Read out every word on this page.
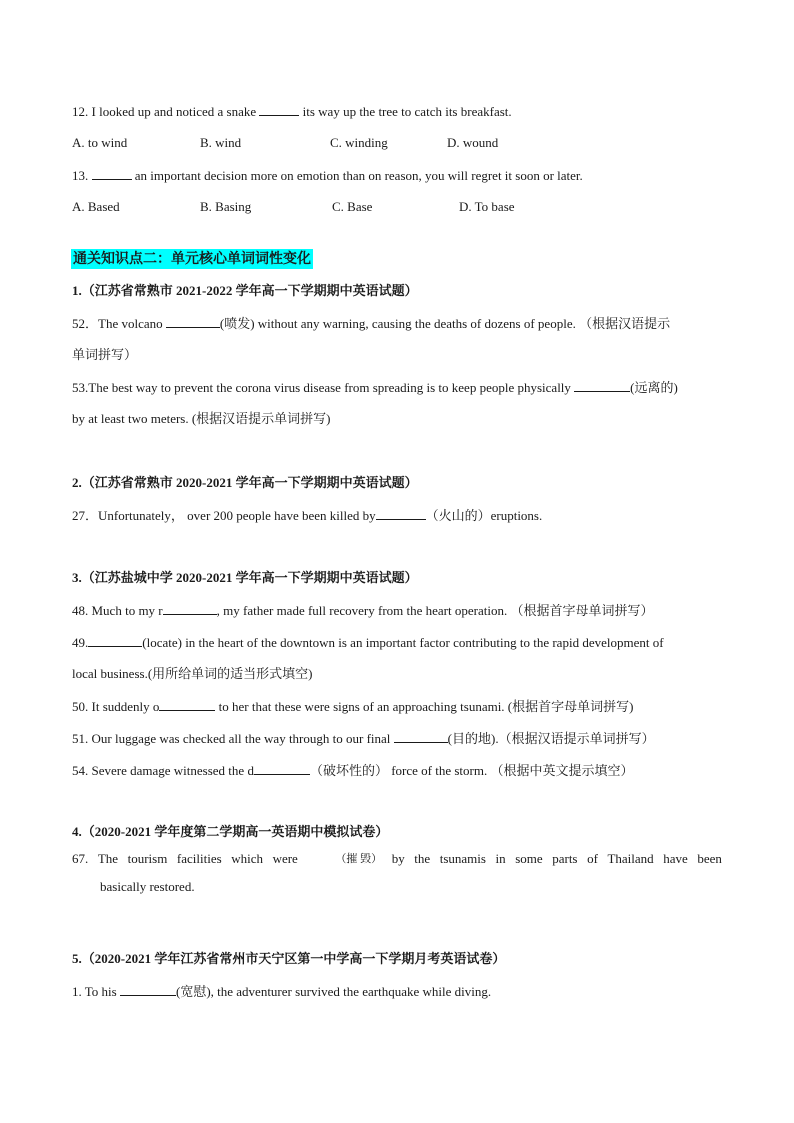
12. I looked up and noticed a snake	its way up the tree to catch its breakfast.
A. to wind	B. wind	C. winding	D. wound
13.	an important decision more on emotion than on reason, you will regret it soon or later.
A. Based	B. Basing	C. Base	D. To base
通关知识点二：单元核心单词词性变化
1.（江苏省常熟市 2021-2022 学年高一下学期期中英语试题）
52．The volcano	(喷发) without any warning, causing the deaths of dozens of people. （根据汉语提示
单词拼写）
53.The best way to prevent the corona virus disease from spreading is to keep people physically	(远离的)
by at least two meters. (根据汉语提示单词拼写)
2.（江苏省常熟市 2020-2021 学年高一下学期期中英语试题）
27．Unfortunately， over 200 people have been killed by	（火山的）eruptions.
3.（江苏盐城中学 2020-2021 学年高一下学期期中英语试题）
48. Much to my r	, my father made full recovery from the heart operation. （根据首字母单词拼写）
49.	(locate) in the heart of the downtown is an important factor contributing to the rapid development of
local business.(用所给单词的适当形式填空)
50. It suddenly o	to her that these were signs of an approaching tsunami. (根据首字母单词拼写)
51. Our luggage was checked all the way through to our final	(目的地).（根据汉语提示单词拼写）
54. Severe damage witnessed the d	（破坏性的） force of the storm. （根据中英文提示填空）
4.（2020-2021 学年度第二学期高一英语期中模拟试卷）
67. The tourism facilities which were	（摧 毁） by the tsunamis in some parts of Thailand have been
basically restored.
5.（2020-2021 学年江苏省常州市天宁区第一中学高一下学期月考英语试卷）
1. To his	(宽慰), the adventurer survived the earthquake while diving.
